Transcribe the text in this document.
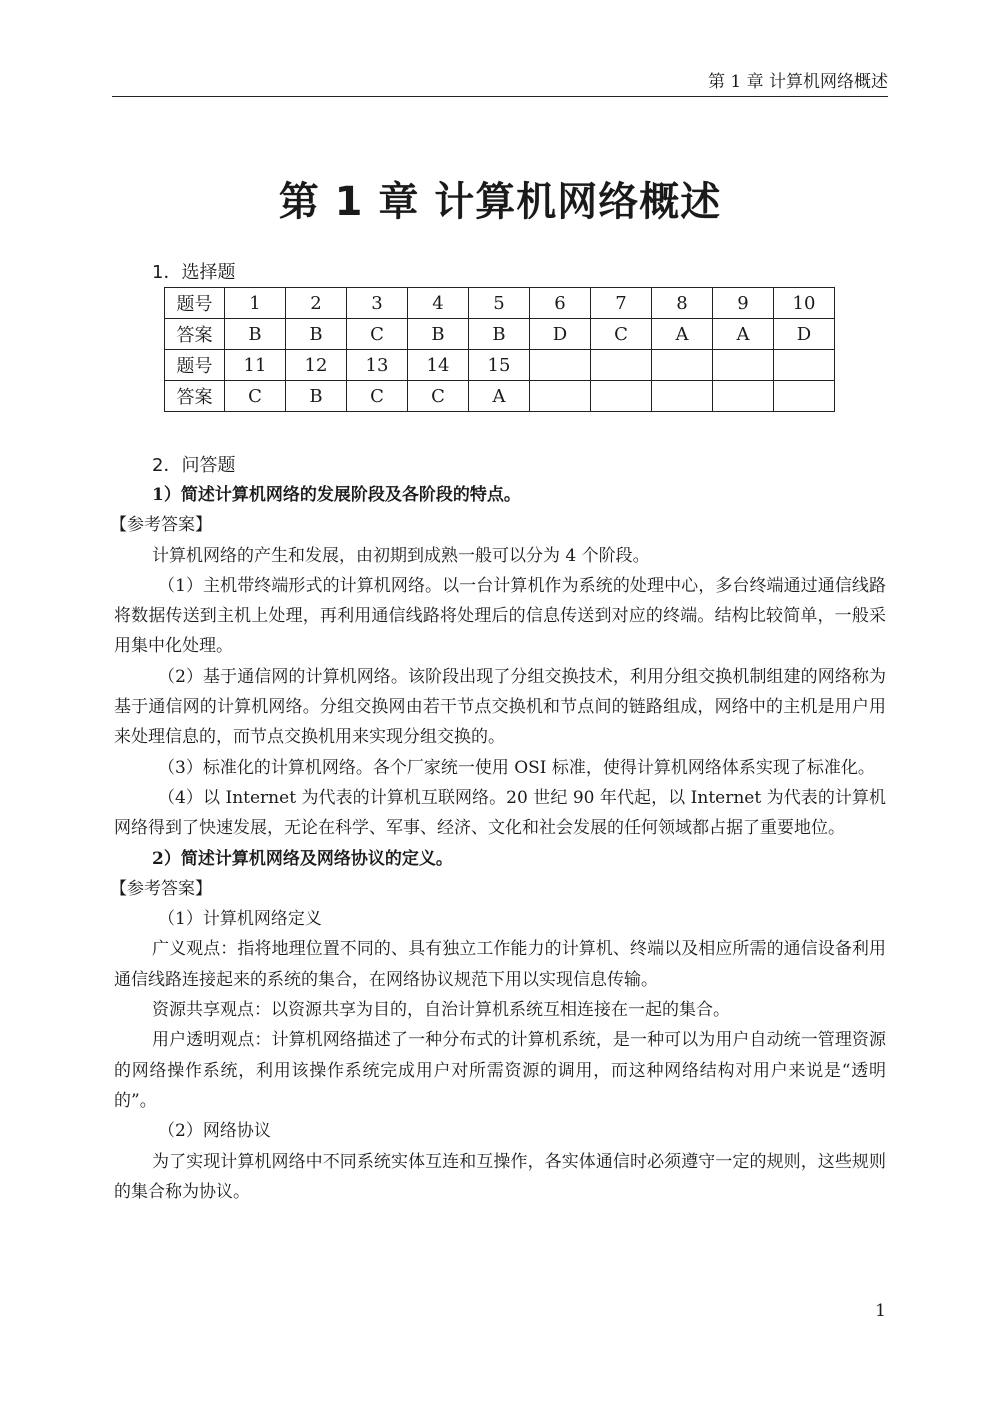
第 1 章 计算机网络概述
第 1 章 计算机网络概述
1．选择题
题号	1	2	3	4	5	6	7	8	9	10
答案	B	B	C	B	B	D	C	A	A	D
题号	11	12	13	14	15					
答案	C	B	C	C	A					
2．问答题

1）简述计算机网络的发展阶段及各阶段的特点。

【参考答案】

计算机网络的产生和发展，由初期到成熟一般可以分为 4 个阶段。

（1）主机带终端形式的计算机网络。以一台计算机作为系统的处理中心，多台终端通过通信线路将数据传送到主机上处理，再利用通信线路将处理后的信息传送到对应的终端。结构比较简单，一般采用集中化处理。

（2）基于通信网的计算机网络。该阶段出现了分组交换技术，利用分组交换机制组建的网络称为基于通信网的计算机网络。分组交换网由若干节点交换机和节点间的链路组成，网络中的主机是用户用来处理信息的，而节点交换机用来实现分组交换的。

（3）标准化的计算机网络。各个厂家统一使用 OSI 标准，使得计算机网络体系实现了标准化。

（4）以 Internet 为代表的计算机互联网络。20 世纪 90 年代起，以 Internet 为代表的计算机网络得到了快速发展，无论在科学、军事、经济、文化和社会发展的任何领域都占据了重要地位。

2）简述计算机网络及网络协议的定义。

【参考答案】

（1）计算机网络定义

广义观点：指将地理位置不同的、具有独立工作能力的计算机、终端以及相应所需的通信设备利用通信线路连接起来的系统的集合，在网络协议规范下用以实现信息传输。

资源共享观点：以资源共享为目的，自治计算机系统互相连接在一起的集合。

用户透明观点：计算机网络描述了一种分布式的计算机系统，是一种可以为用户自动统一管理资源的网络操作系统，利用该操作系统完成用户对所需资源的调用，而这种网络结构对用户来说是“透明的”。

（2）网络协议

为了实现计算机网络中不同系统实体互连和互操作，各实体通信时必须遵守一定的规则，这些规则的集合称为协议。

1
